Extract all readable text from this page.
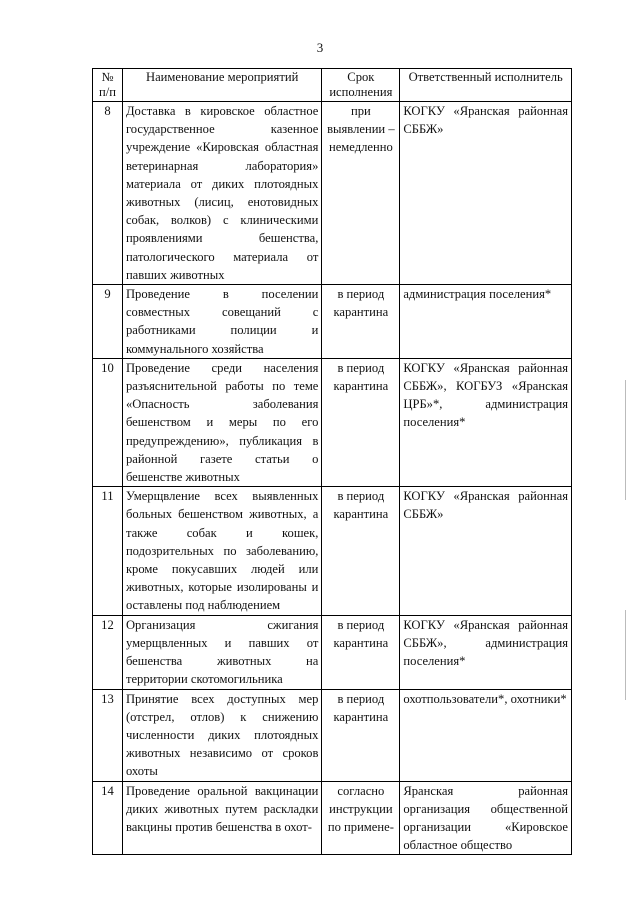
3
№ п/п	Наименование мероприятий	Срок исполнения	Ответственный исполнитель
8	Доставка в кировское областное государственное казенное учреждение «Кировская областная ветеринарная лаборатория» материала от диких плотоядных животных (лисиц, енотовидных собак, волков) с клиническими проявлениями бешенства, патологического материала от павших животных	при выявлении – немедленно	КОГКУ «Яранская районная СББЖ»
9	Проведение в поселении совместных совещаний с работниками полиции и коммунального хозяйства	в период карантина	администрация поселения*
10	Проведение среди населения разъяснительной работы по теме «Опасность заболевания бешенством и меры по его предупреждению», публикация в районной газете статьи о бешенстве животных	в период карантина	КОГКУ «Яранская районная СББЖ», КОГБУЗ «Яранская ЦРБ»*, администрация поселения*
11	Умерщвление всех выявленных больных бешенством животных, а также собак и кошек, подозрительных по заболеванию, кроме покусавших людей или животных, которые изолированы и оставлены под наблюдением	в период карантина	КОГКУ «Яранская районная СББЖ»
12	Организация сжигания умерщвленных и павших от бешенства животных на территории скотомогильника	в период карантина	КОГКУ «Яранская районная СББЖ», администрация поселения*
13	Принятие всех доступных мер (отстрел, отлов) к снижению численности диких плотоядных животных независимо от сроков охоты	в период карантина	охотпользователи*, охотники*
14	Проведение оральной вакцинации диких животных путем раскладки вакцины против бешенства в охот-	согласно инструкции по примене-	Яранская районная организация общественной организации «Кировское областное общество
